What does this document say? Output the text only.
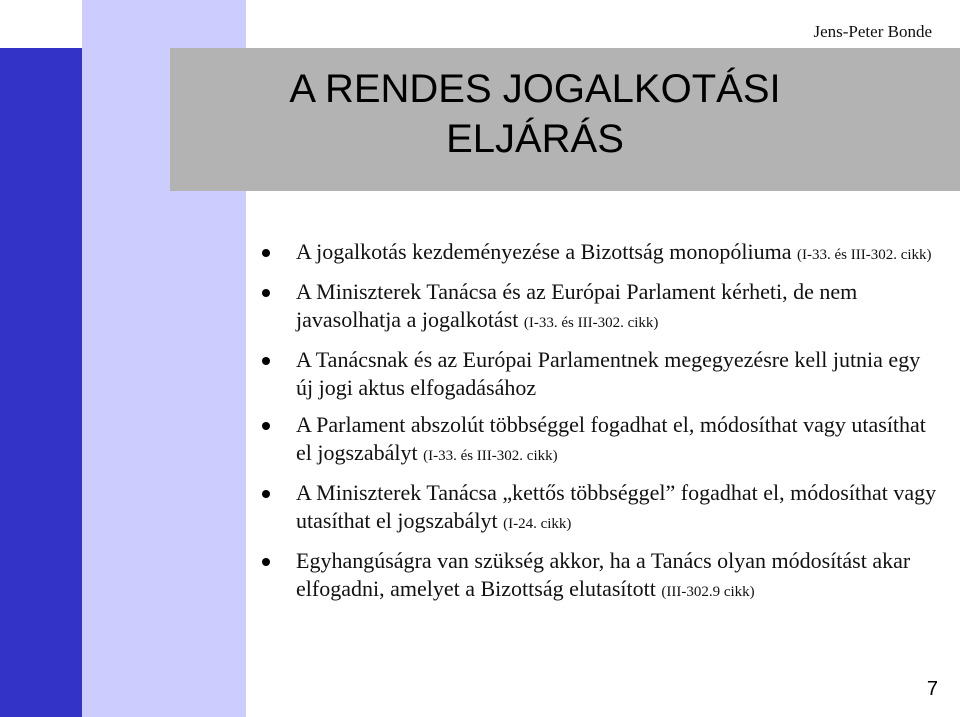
Jens-Peter Bonde
A RENDES JOGALKOTÁSI
ELJÁRÁS
A jogalkotás kezdeményezése a Bizottság monopóliuma (I-33. és III-302. cikk)
A Miniszterek Tanácsa és az Európai Parlament kérheti, de nem javasolhatja a jogalkotást (I-33. és III-302. cikk)
A Tanácsnak és az Európai Parlamentnek megegyezésre kell jutnia egy új jogi aktus elfogadásához
A Parlament abszolút többséggel fogadhat el, módosíthat vagy utasíthat el jogszabályt (I-33. és III-302. cikk)
A Miniszterek Tanácsa „kettős többséggel” fogadhat el, módosíthat vagy utasíthat el jogszabályt (I-24. cikk)
Egyhangúságra van szükség akkor, ha a Tanács olyan módosítást akar elfogadni, amelyet a Bizottság elutasított (III-302.9 cikk)
7
